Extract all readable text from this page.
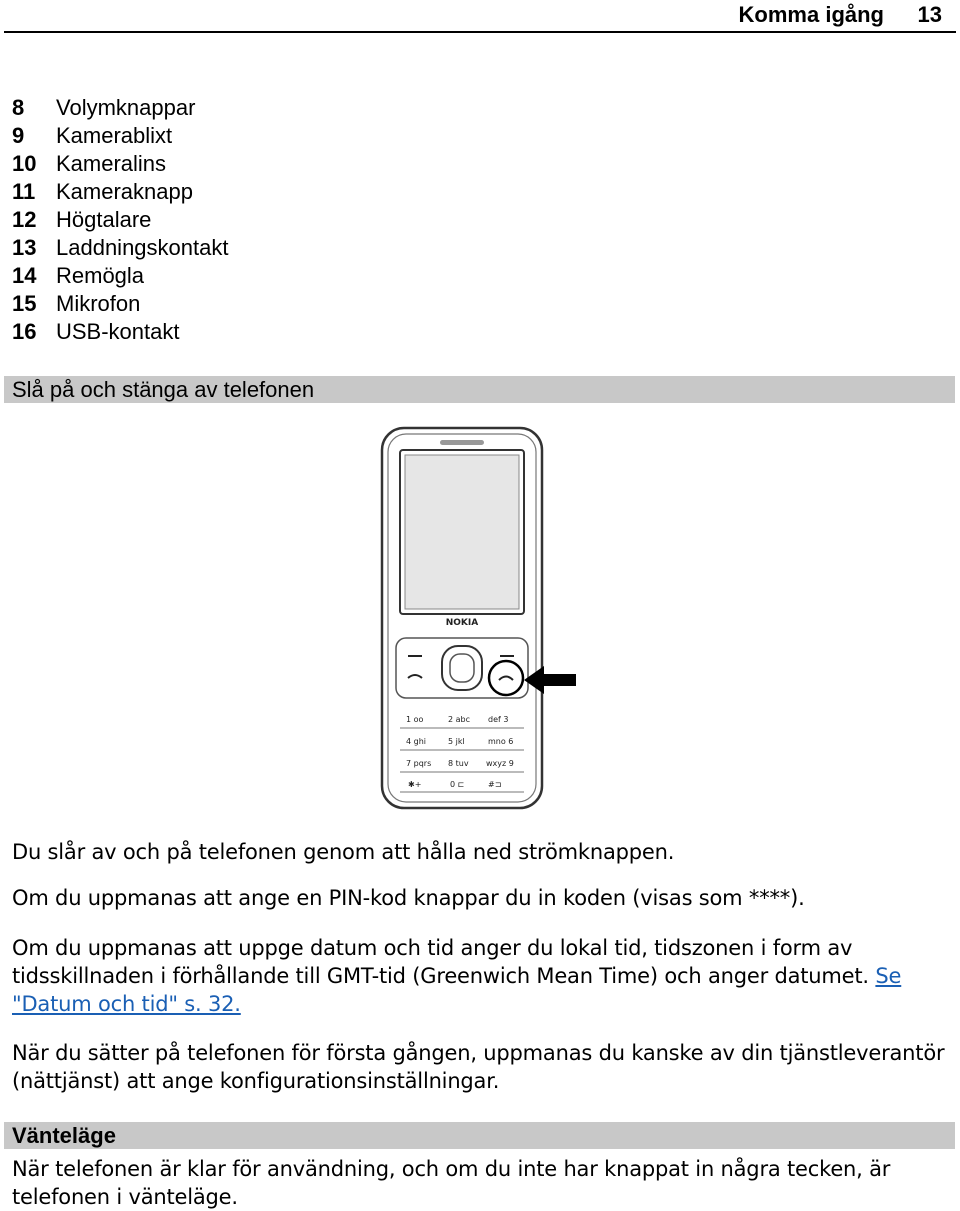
Komma igång 13
8	Volymknappar
9	Kamerablixt
10 Kameralins
11 Kameraknapp
12 Högtalare
13 Laddningskontakt
14 Remögla
15 Mikrofon
16 USB-kontakt
Slå på och stänga av telefonen
NOKIA
1 oo	2 abc def 3
4 ghi	5 jkl	mno 6
7 pqrs 8 tuv wxyz 9
✱+	0 ⊏	#⊐

Du slår av och på telefonen genom att hålla ned strömknappen.

Om du uppmanas att ange en PIN-kod knappar du in koden (visas som ****).

Om du uppmanas att uppge datum och tid anger du lokal tid, tidszonen i form av tidsskillnaden i förhållande till GMT-tid (Greenwich Mean Time) och anger datumet. Se "Datum och tid" s. 32.

När du sätter på telefonen för första gången, uppmanas du kanske av din tjänstleverantör (nättjänst) att ange konfigurationsinställningar.

Vänteläge

När telefonen är klar för användning, och om du inte har knappat in några tecken, är telefonen i vänteläge.
